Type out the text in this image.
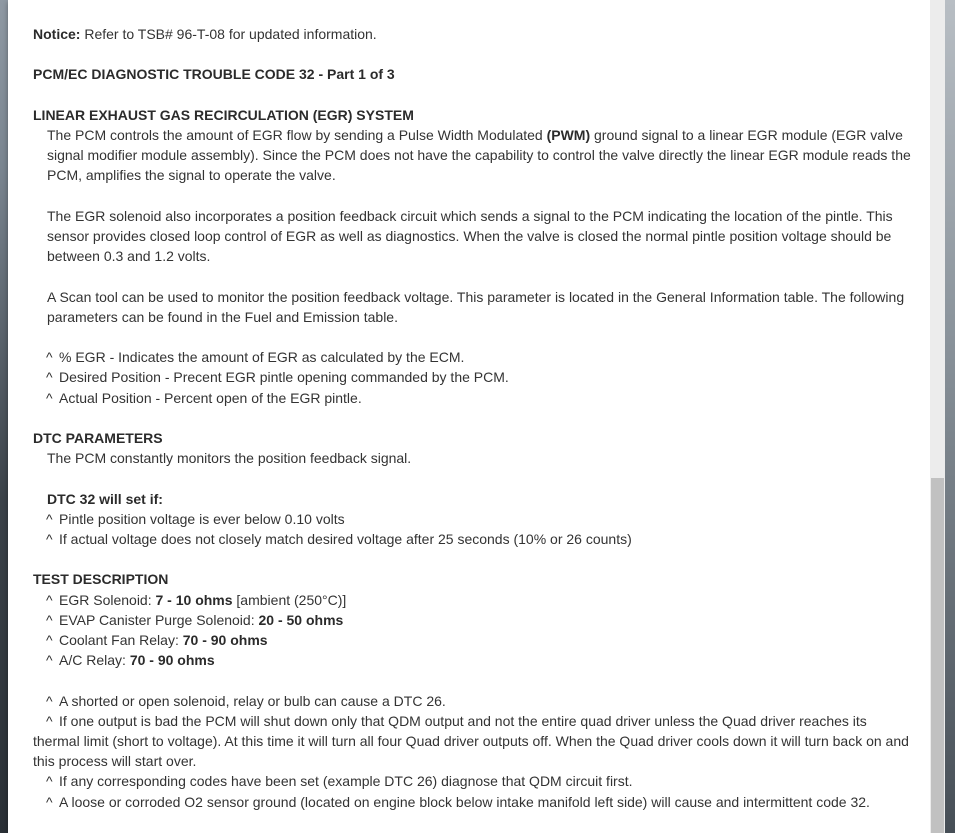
Notice: Refer to TSB# 96-T-08 for updated information.

PCM/EC DIAGNOSTIC TROUBLE CODE 32 - Part 1 of 3

LINEAR EXHAUST GAS RECIRCULATION (EGR) SYSTEM

The PCM controls the amount of EGR flow by sending a Pulse Width Modulated (PWM) ground signal to a linear EGR module (EGR valve signal modifier module assembly). Since the PCM does not have the capability to control the valve directly the linear EGR module reads the PCM, amplifies the signal to operate the valve.

The EGR solenoid also incorporates a position feedback circuit which sends a signal to the PCM indicating the location of the pintle. This sensor provides closed loop control of EGR as well as diagnostics. When the valve is closed the normal pintle position voltage should be between 0.3 and 1.2 volts.

A Scan tool can be used to monitor the position feedback voltage. This parameter is located in the General Information table. The following parameters can be found in the Fuel and Emission table.

^ % EGR - Indicates the amount of EGR as calculated by the ECM.

^ Desired Position - Precent EGR pintle opening commanded by the PCM.

^ Actual Position - Percent open of the EGR pintle.

DTC PARAMETERS

The PCM constantly monitors the position feedback signal.

DTC 32 will set if:

^ Pintle position voltage is ever below 0.10 volts

^ If actual voltage does not closely match desired voltage after 25 seconds (10% or 26 counts)

TEST DESCRIPTION

^ EGR Solenoid: 7 - 10 ohms [ambient (250°C)]

^ EVAP Canister Purge Solenoid: 20 - 50 ohms

^ Coolant Fan Relay: 70 - 90 ohms

^ A/C Relay: 70 - 90 ohms

^ A shorted or open solenoid, relay or bulb can cause a DTC 26.

^ If one output is bad the PCM will shut down only that QDM output and not the entire quad driver unless the Quad driver reaches its thermal limit (short to voltage). At this time it will turn all four Quad driver outputs off. When the Quad driver cools down it will turn back on and this process will start over.

^ If any corresponding codes have been set (example DTC 26) diagnose that QDM circuit first.

^ A loose or corroded O2 sensor ground (located on engine block below intake manifold left side) will cause and intermittent code 32.
